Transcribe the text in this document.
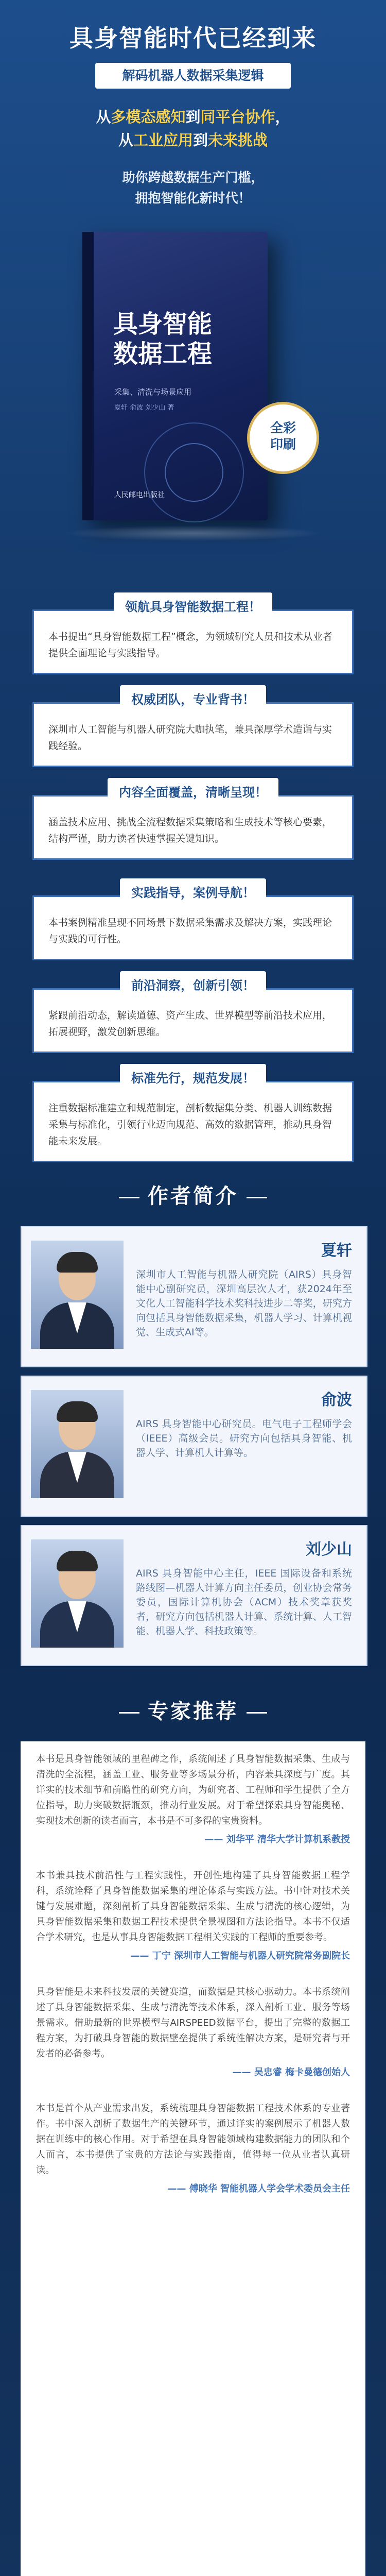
具身智能时代已经到来
解码机器人数据采集逻辑
从多模态感知到同平台协作，
从工业应用到未来挑战
助你跨越数据生产门槛，
拥抱智能化新时代！
具身智能
数据工程
采集、清洗与场景应用
夏轩 俞波 刘少山 著
人民邮电出版社
全彩
印刷
领航具身智能数据工程！
本书提出“具身智能数据工程”概念，为领域研究人员和技术从业者提供全面理论与实践指导。
权威团队，专业背书！
深圳市人工智能与机器人研究院大咖执笔，兼具深厚学术造诣与实践经验。
内容全面覆盖，清晰呈现！
涵盖技术应用、挑战全流程数据采集策略和生成技术等核心要素，结构严谨，助力读者快速掌握关键知识。
实践指导，案例导航！
本书案例精准呈现不同场景下数据采集需求及解决方案，实践理论与实践的可行性。
前沿洞察，创新引领！
紧跟前沿动态，解读道德、资产生成、世界模型等前沿技术应用，拓展视野，激发创新思维。
标准先行，规范发展！
注重数据标准建立和规范制定，剖析数据集分类、机器人训练数据采集与标准化，引领行业迈向规范、高效的数据管理，推动具身智能未来发展。
作者简介
夏轩
深圳市人工智能与机器人研究院（AIRS）具身智能中心副研究员，深圳高层次人才，获2024年至文化人工智能科学技术奖科技进步二等奖，研究方向包括具身智能数据采集，机器人学习、计算机视觉、生成式AI等。
俞波
AIRS 具身智能中心研究员。电气电子工程师学会（IEEE）高级会员。研究方向包括具身智能、机器人学、计算机人计算等。
刘少山
AIRS 具身智能中心主任，IEEE 国际设备和系统路线图—机器人计算方向主任委员，创业协会常务委员，国际计算机协会（ACM）技术奖章获奖者，研究方向包括机器人计算、系统计算、人工智能、机器人学、科技政策等。
专家推荐

本书是具身智能领域的里程碑之作，系统阐述了具身智能数据采集、生成与清洗的全流程，涵盖工业、服务业等多场景分析，内容兼具深度与广度。其详实的技术细节和前瞻性的研究方向，为研究者、工程师和学生提供了全方位指导，助力突破数据瓶颈，推动行业发展。对于希望探索具身智能奥秘、实现技术创新的读者而言，本书是不可多得的宝贵资料。

—— 刘华平 清华大学计算机系教授

本书兼具技术前沿性与工程实践性，开创性地构建了具身智能数据工程学科，系统诠释了具身智能数据采集的理论体系与实践方法。书中针对技术关键与发展难题，深刻剖析了具身智能数据采集、生成与清洗的核心逻辑，为具身智能数据采集和数据工程技术提供全景视图和方法论指导。本书不仅适合学术研究，也是从事具身智能数据工程相关实践的工程师的重要参考。

—— 丁宁 深圳市人工智能与机器人研究院常务副院长

具身智能是未来科技发展的关键赛道，而数据是其核心驱动力。本书系统阐述了具身智能数据采集、生成与清洗等技术体系，深入剖析工业、服务等场景需求。借助最新的世界模型与AIRSPEED数据平台，提出了完整的数据工程方案，为打破具身智能的数据壁垒提供了系统性解决方案，是研究者与开发者的必备参考。

—— 吴忠睿 梅卡曼德创始人

本书是首个从产业需求出发，系统梳理具身智能数据工程技术体系的专业著作。书中深入剖析了数据生产的关键环节，通过详实的案例展示了机器人数据在训练中的核心作用。对于希望在具身智能领域构建数据能力的团队和个人而言，本书提供了宝贵的方法论与实践指南，值得每一位从业者认真研读。

—— 傅晓华 智能机器人学会学术委员会主任
